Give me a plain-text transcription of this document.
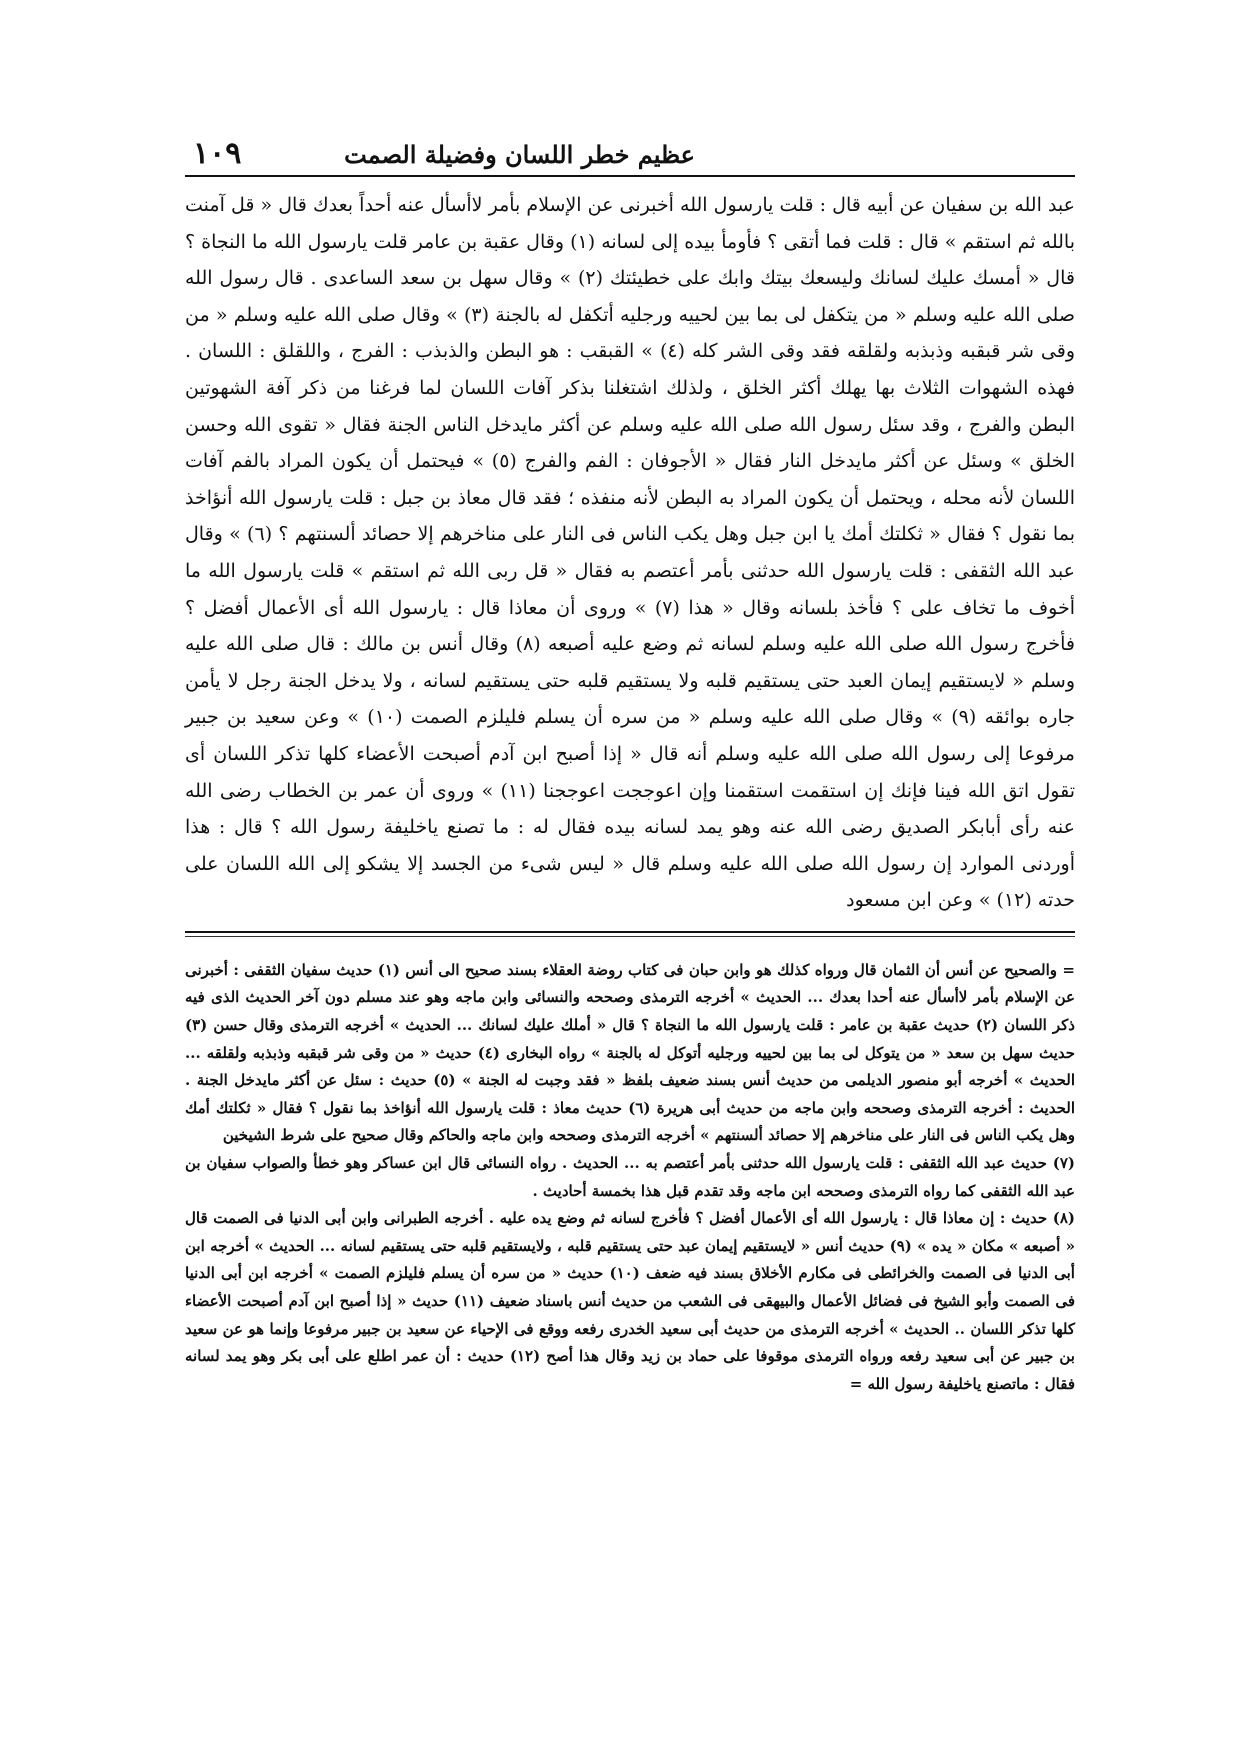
١٠٩	عظيم خطر اللسان وفضيلة الصمت

عبد الله بن سفيان عن أبيه قال : قلت يارسول الله أخبرنى عن الإسلام بأمر لاأسأل عنه أحداً بعدك قال « قل آمنت بالله ثم استقم » قال : قلت فما أتقى ؟ فأومأ بيده إلى لسانه (١) وقال عقبة بن عامر قلت يارسول الله ما النجاة ؟ قال « أمسك عليك لسانك وليسعك بيتك وابك على خطيئتك (٢) » وقال سهل بن سعد الساعدى . قال رسول الله صلى الله عليه وسلم « من يتكفل لى بما بين لحييه ورجليه أتكفل له بالجنة (٣) » وقال صلى الله عليه وسلم « من وقى شر قبقبه وذبذبه ولقلقه فقد وقى الشر كله (٤) » القبقب : هو البطن والذبذب : الفرج ، واللقلق : اللسان . فهذه الشهوات الثلاث بها يهلك أكثر الخلق ، ولذلك اشتغلنا بذكر آفات اللسان لما فرغنا من ذكر آفة الشهوتين البطن والفرج ، وقد سئل رسول الله صلى الله عليه وسلم عن أكثر مايدخل الناس الجنة فقال « تقوى الله وحسن الخلق » وسئل عن أكثر مايدخل النار فقال « الأجوفان : الفم والفرج (٥) » فيحتمل أن يكون المراد بالفم آفات اللسان لأنه محله ، ويحتمل أن يكون المراد به البطن لأنه منفذه ؛ فقد قال معاذ بن جبل : قلت يارسول الله أنؤاخذ بما نقول ؟ فقال « ثكلتك أمك يا ابن جبل وهل يكب الناس فى النار على مناخرهم إلا حصائد ألسنتهم ؟ (٦) » وقال عبد الله الثقفى : قلت يارسول الله حدثنى بأمر أعتصم به فقال « قل ربى الله ثم استقم » قلت يارسول الله ما أخوف ما تخاف على ؟ فأخذ بلسانه وقال « هذا (٧) » وروى أن معاذا قال : يارسول الله أى الأعمال أفضل ؟ فأخرج رسول الله صلى الله عليه وسلم لسانه ثم وضع عليه أصبعه (٨) وقال أنس بن مالك : قال صلى الله عليه وسلم « لايستقيم إيمان العبد حتى يستقيم قلبه ولا يستقيم قلبه حتى يستقيم لسانه ، ولا يدخل الجنة رجل لا يأمن جاره بوائقه (٩) » وقال صلى الله عليه وسلم « من سره أن يسلم فليلزم الصمت (١٠) » وعن سعيد بن جبير مرفوعا إلى رسول الله صلى الله عليه وسلم أنه قال « إذا أصبح ابن آدم أصبحت الأعضاء كلها تذكر اللسان أى تقول اتق الله فينا فإنك إن استقمت استقمنا وإن اعوججت اعوججنا (١١) » وروى أن عمر بن الخطاب رضى الله عنه رأى أبابكر الصديق رضى الله عنه وهو يمد لسانه بيده فقال له : ما تصنع ياخليفة رسول الله ؟ قال : هذا أوردنى الموارد إن رسول الله صلى الله عليه وسلم قال « ليس شىء من الجسد إلا يشكو إلى الله اللسان على حدته (١٢) » وعن ابن مسعود

= والصحيح عن أنس أن الثمان قال ورواه كذلك هو وابن حبان فى كتاب روضة العقلاء بسند صحيح الى أنس (١) حديث سفيان الثقفى : أخبرنى عن الإسلام بأمر لاأسأل عنه أحدا بعدك ... الحديث » أخرجه الترمذى وصححه والنسائى وابن ماجه وهو عند مسلم دون آخر الحديث الذى فيه ذكر اللسان (٢) حديث عقبة بن عامر : قلت يارسول الله ما النجاة ؟ قال « أملك عليك لسانك ... الحديث » أخرجه الترمذى وقال حسن (٣) حديث سهل بن سعد « من يتوكل لى بما بين لحييه ورجليه أتوكل له بالجنة » رواه البخارى (٤) حديث « من وقى شر قبقبه وذبذبه ولقلقه ... الحديث » أخرجه أبو منصور الديلمى من حديث أنس بسند ضعيف بلفظ « فقد وجبت له الجنة » (٥) حديث : سئل عن أكثر مايدخل الجنة . الحديث : أخرجه الترمذى وصححه وابن ماجه من حديث أبى هريرة (٦) حديث معاذ : قلت يارسول الله أنؤاخذ بما نقول ؟ فقال « ثكلتك أمك وهل يكب الناس فى النار على مناخرهم إلا حصائد ألسنتهم » أخرجه الترمذى وصححه وابن ماجه والحاكم وقال صحيح على شرط الشيخين

(٧) حديث عبد الله الثقفى : قلت يارسول الله حدثنى بأمر أعتصم به ... الحديث . رواه النسائى قال ابن عساكر وهو خطأ والصواب سفيان بن عبد الله الثقفى كما رواه الترمذى وصححه ابن ماجه وقد تقدم قبل هذا بخمسة أحاديث .

(٨) حديث : إن معاذا قال : يارسول الله أى الأعمال أفضل ؟ فأخرج لسانه ثم وضع يده عليه . أخرجه الطبرانى وابن أبى الدنيا فى الصمت قال « أصبعه » مكان « يده » (٩) حديث أنس « لايستقيم إيمان عبد حتى يستقيم قلبه ، ولايستقيم قلبه حتى يستقيم لسانه ... الحديث » أخرجه ابن أبى الدنيا فى الصمت والخرائطى فى مكارم الأخلاق بسند فيه ضعف (١٠) حديث « من سره أن يسلم فليلزم الصمت » أخرجه ابن أبى الدنيا فى الصمت وأبو الشيخ فى فضائل الأعمال والبيهقى فى الشعب من حديث أنس باسناد ضعيف (١١) حديث « إذا أصبح ابن آدم أصبحت الأعضاء كلها تذكر اللسان .. الحديث » أخرجه الترمذى من حديث أبى سعيد الخدرى رفعه ووقع فى الإحياء عن سعيد بن جبير مرفوعا وإنما هو عن سعيد بن جبير عن أبى سعيد رفعه ورواه الترمذى موقوفا على حماد بن زيد وقال هذا أصح (١٢) حديث : أن عمر اطلع على أبى بكر وهو يمد لسانه فقال : ماتصنع ياخليفة رسول الله =
